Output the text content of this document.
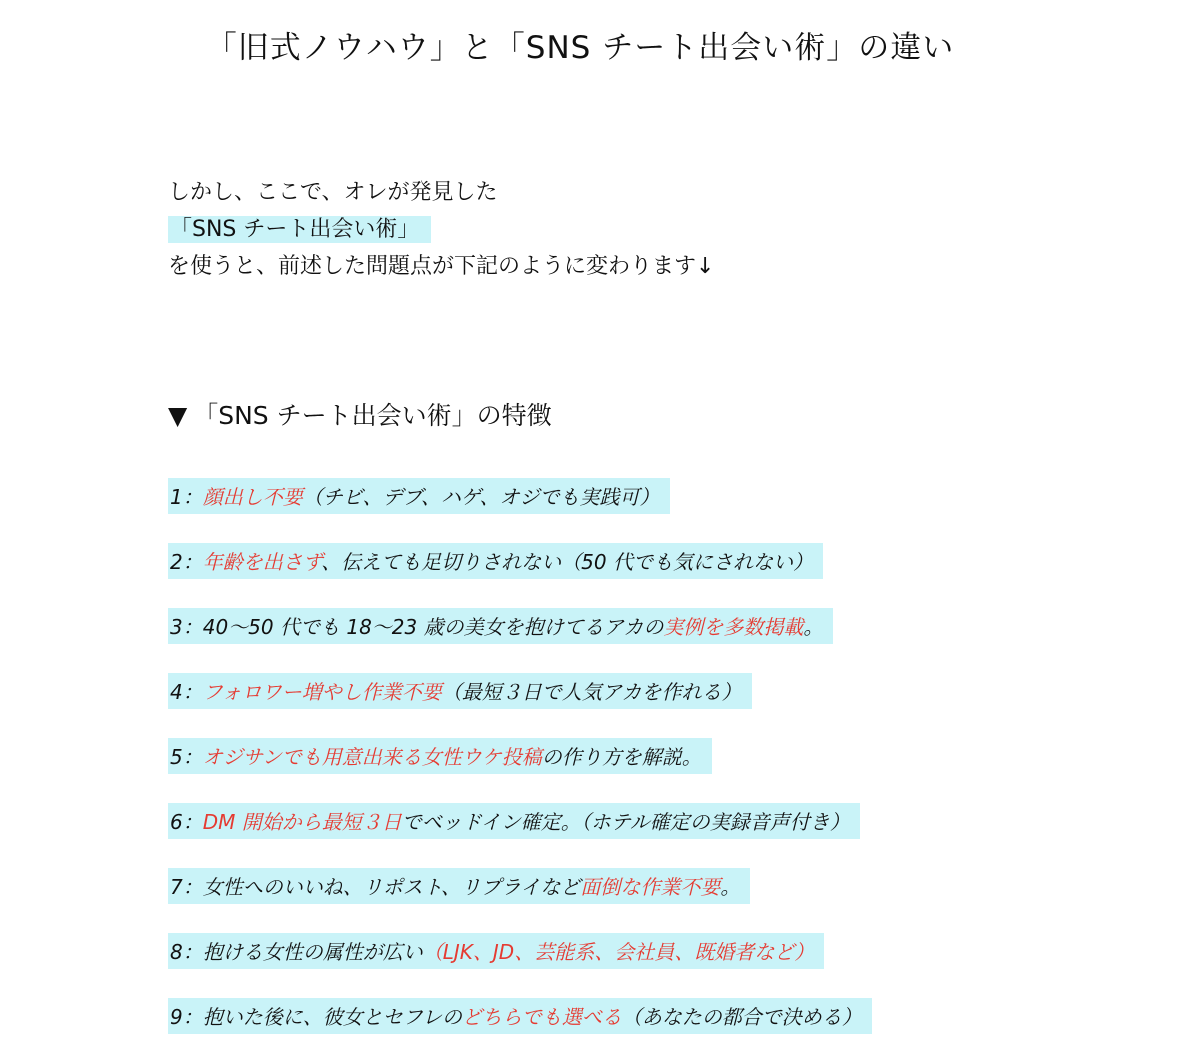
「旧式ノウハウ」と「SNS チート出会い術」の違い
しかし、ここで、オレが発見した
「SNS チート出会い術」
を使うと、前述した問題点が下記のように変わります↓
▼ 「SNS チート出会い術」の特徴
1：顔出し不要（チビ、デブ、ハゲ、オジでも実践可）
2：年齢を出さず、伝えても足切りされない（50 代でも気にされない）
3：40〜50 代でも 18〜23 歳の美女を抱けてるアカの実例を多数掲載。
4：フォロワー増やし作業不要（最短３日で人気アカを作れる）
5：オジサンでも用意出来る女性ウケ投稿の作り方を解説。
6：DM 開始から最短３日でベッドイン確定。（ホテル確定の実録音声付き）
7：女性へのいいね、リポスト、リプライなど面倒な作業不要。
8：抱ける女性の属性が広い（LJK、JD、芸能系、会社員、既婚者など）
9：抱いた後に、彼女とセフレのどちらでも選べる（あなたの都合で決める）
